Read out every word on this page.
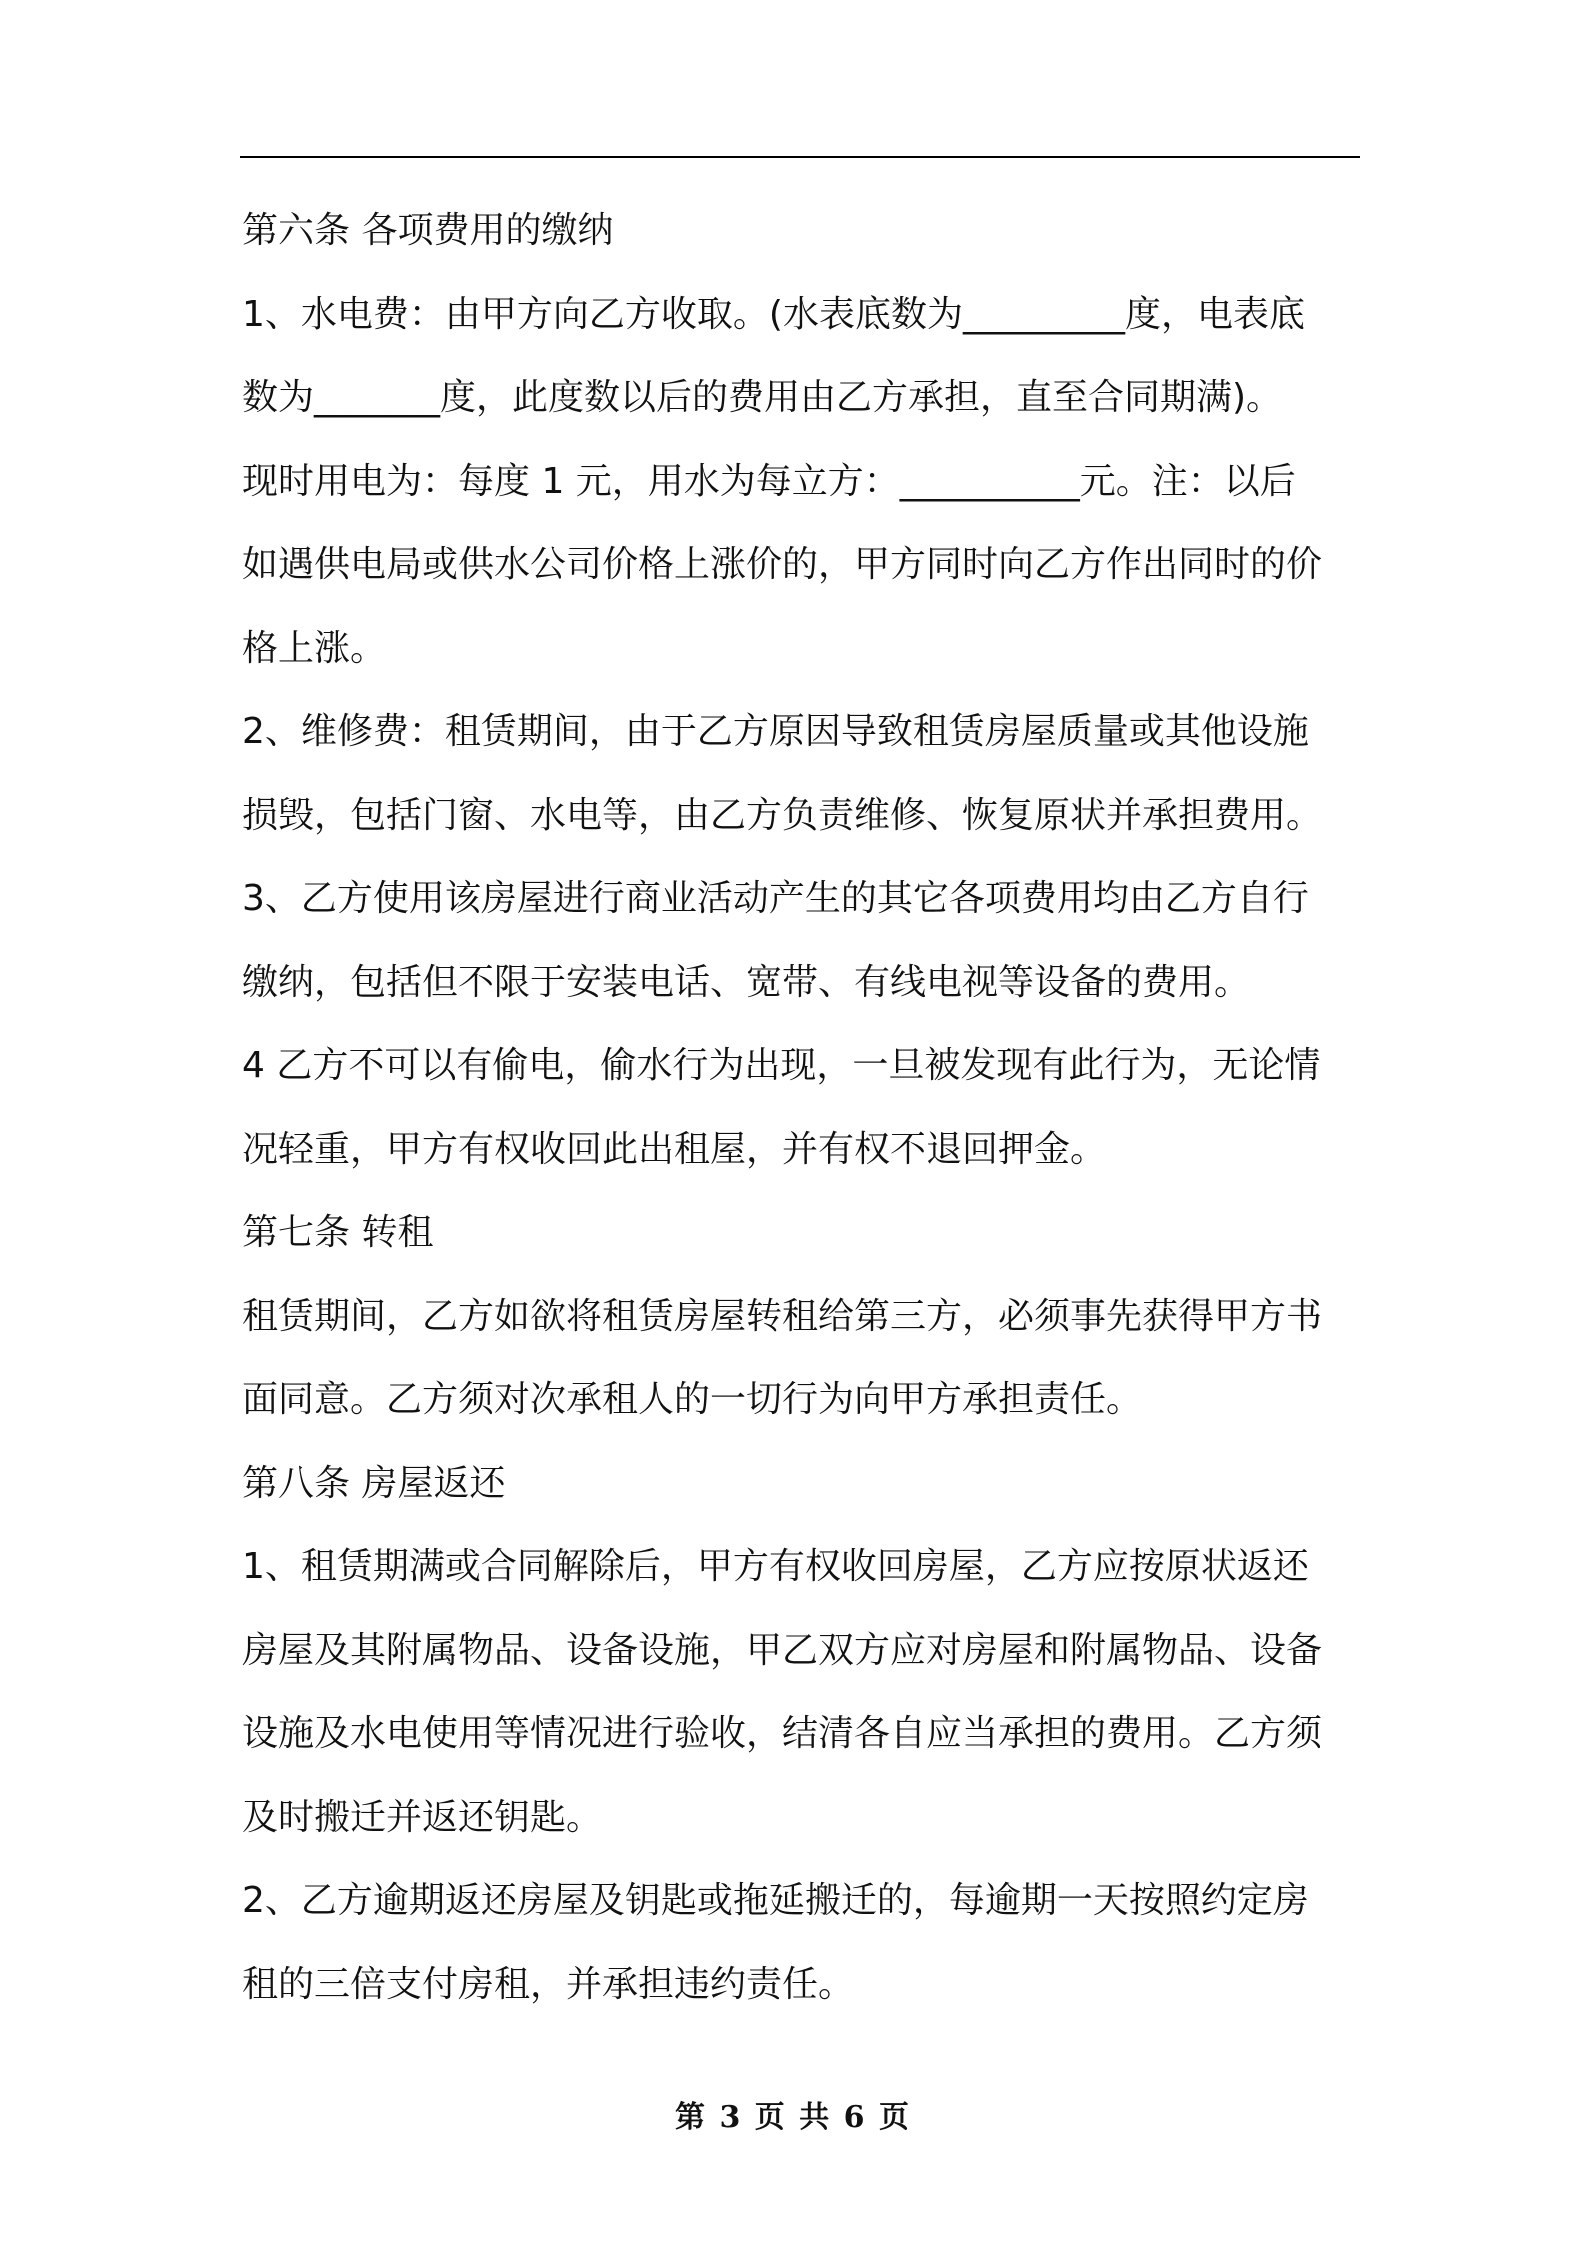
第六条 各项费用的缴纳
1、水电费：由甲方向乙方收取。(水表底数为_________度，电表底
数为_______度，此度数以后的费用由乙方承担，直至合同期满)。
现时用电为：每度 1 元，用水为每立方：__________元。注：以后
如遇供电局或供水公司价格上涨价的，甲方同时向乙方作出同时的价
格上涨。
2、维修费：租赁期间，由于乙方原因导致租赁房屋质量或其他设施
损毁，包括门窗、水电等，由乙方负责维修、恢复原状并承担费用。
3、乙方使用该房屋进行商业活动产生的其它各项费用均由乙方自行
缴纳，包括但不限于安装电话、宽带、有线电视等设备的费用。
4 乙方不可以有偷电，偷水行为出现，一旦被发现有此行为，无论情
况轻重，甲方有权收回此出租屋，并有权不退回押金。
第七条 转租
租赁期间，乙方如欲将租赁房屋转租给第三方，必须事先获得甲方书
面同意。乙方须对次承租人的一切行为向甲方承担责任。
第八条 房屋返还
1、租赁期满或合同解除后，甲方有权收回房屋，乙方应按原状返还
房屋及其附属物品、设备设施，甲乙双方应对房屋和附属物品、设备
设施及水电使用等情况进行验收，结清各自应当承担的费用。乙方须
及时搬迁并返还钥匙。
2、乙方逾期返还房屋及钥匙或拖延搬迁的，每逾期一天按照约定房
租的三倍支付房租，并承担违约责任。
第 3 页 共 6 页
